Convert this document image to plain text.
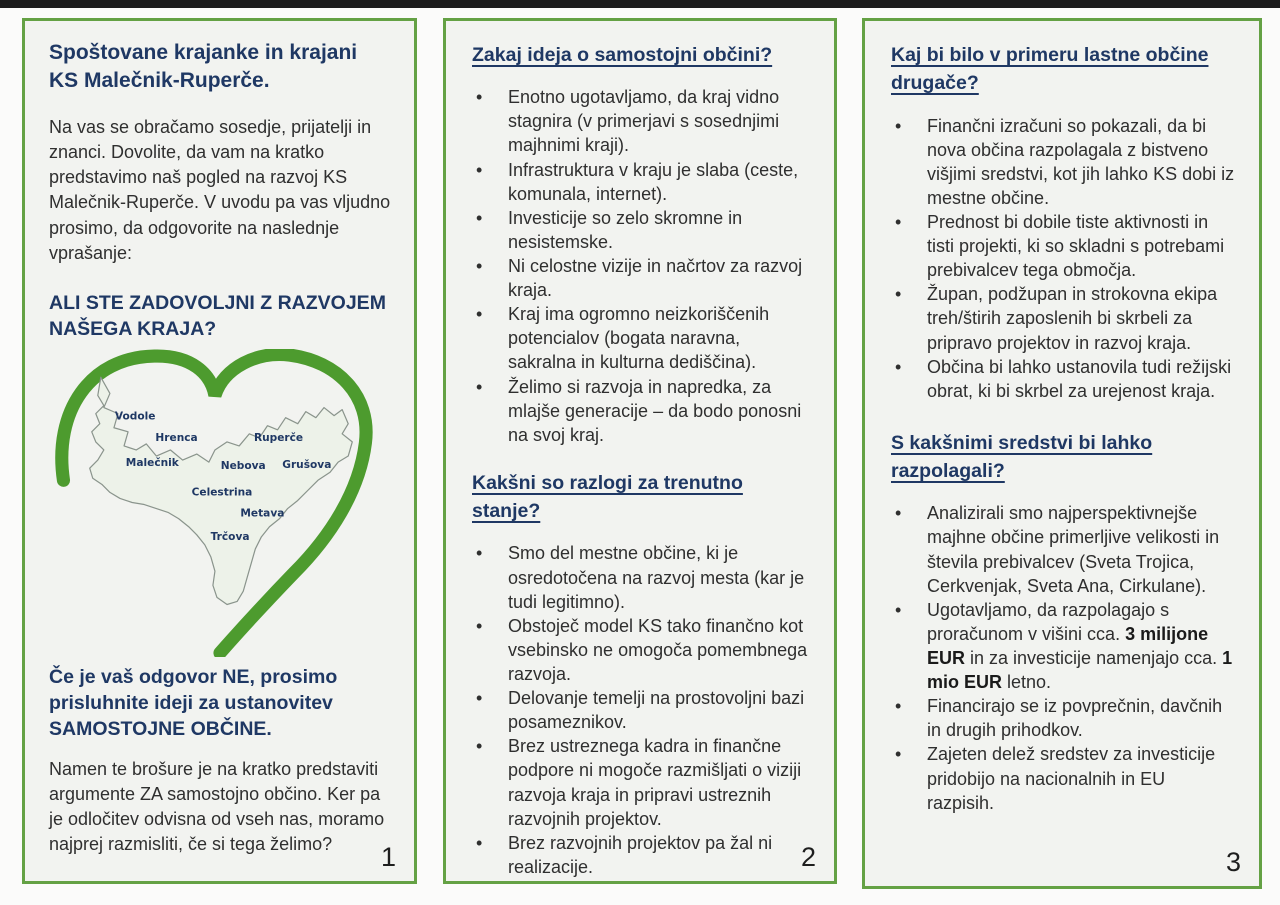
Spoštovane krajanke in krajani KS Malečnik-Ruperče.
Na vas se obračamo sosedje, prijatelji in znanci. Dovolite, da vam na kratko predstavimo naš pogled na razvoj KS Malečnik-Ruperče. V uvodu pa vas vljudno prosimo, da odgovorite na naslednje vprašanje:
ALI STE ZADOVOLJNI Z RAZVOJEM NAŠEGA KRAJA?
Vodole
Hrenca	Ruperče
Malečnik	Nebova Grušova
Celestrina
Metava
Trčova
Če je vaš odgovor NE, prosimo prisluhnite ideji za ustanovitev SAMOSTOJNE OBČINE.
Namen te brošure je na kratko predstaviti argumente ZA samostojno občino. Ker pa je odločitev odvisna od vseh nas, moramo najprej razmisliti, če si tega želimo?	1
Zakaj ideja o samostojni občini?
•	Enotno ugotavljamo, da kraj vidno stagnira (v primerjavi s sosednjimi majhnimi kraji).
•	Infrastruktura v kraju je slaba (ceste, komunala, internet).
•	Investicije so zelo skromne in nesistemske.
•	Ni celostne vizije in načrtov za razvoj kraja.
•	Kraj ima ogromno neizkoriščenih potencialov (bogata naravna, sakralna in kulturna dediščina).
•	Želimo si razvoja in napredka, za mlajše generacije – da bodo ponosni na svoj kraj.
Kakšni so razlogi za trenutno stanje?
•	Smo del mestne občine, ki je osredotočena na razvoj mesta (kar je tudi legitimno).
•	Obstoječ model KS tako finančno kot vsebinsko ne omogoča pomembnega razvoja.
•	Delovanje temelji na prostovoljni bazi posameznikov.
•	Brez ustreznega kadra in finančne podpore ni mogoče razmišljati o viziji razvoja kraja in pripravi ustreznih razvojnih projektov.
•	Brez razvojnih projektov pa žal ni realizacije.	2
Kaj bi bilo v primeru lastne občine drugače?
•	Finančni izračuni so pokazali, da bi nova občina razpolagala z bistveno višjimi sredstvi, kot jih lahko KS dobi iz mestne občine.
•	Prednost bi dobile tiste aktivnosti in tisti projekti, ki so skladni s potrebami prebivalcev tega območja.
•	Župan, podžupan in strokovna ekipa treh/štirih zaposlenih bi skrbeli za pripravo projektov in razvoj kraja.
•	Občina bi lahko ustanovila tudi režijski obrat, ki bi skrbel za urejenost kraja.
S kakšnimi sredstvi bi lahko razpolagali?
•	Analizirali smo najperspektivnejše majhne občine primerljive velikosti in števila prebivalcev (Sveta Trojica, Cerkvenjak, Sveta Ana, Cirkulane).
•	Ugotavljamo, da razpolagajo s proračunom v višini cca. 3 milijone EUR in za investicije namenjajo cca. 1 mio EUR letno.
•	Financirajo se iz povprečnin, davčnih in drugih prihodkov.
•	Zajeten delež sredstev za investicije pridobijo na nacionalnih in EU razpisih.
3
